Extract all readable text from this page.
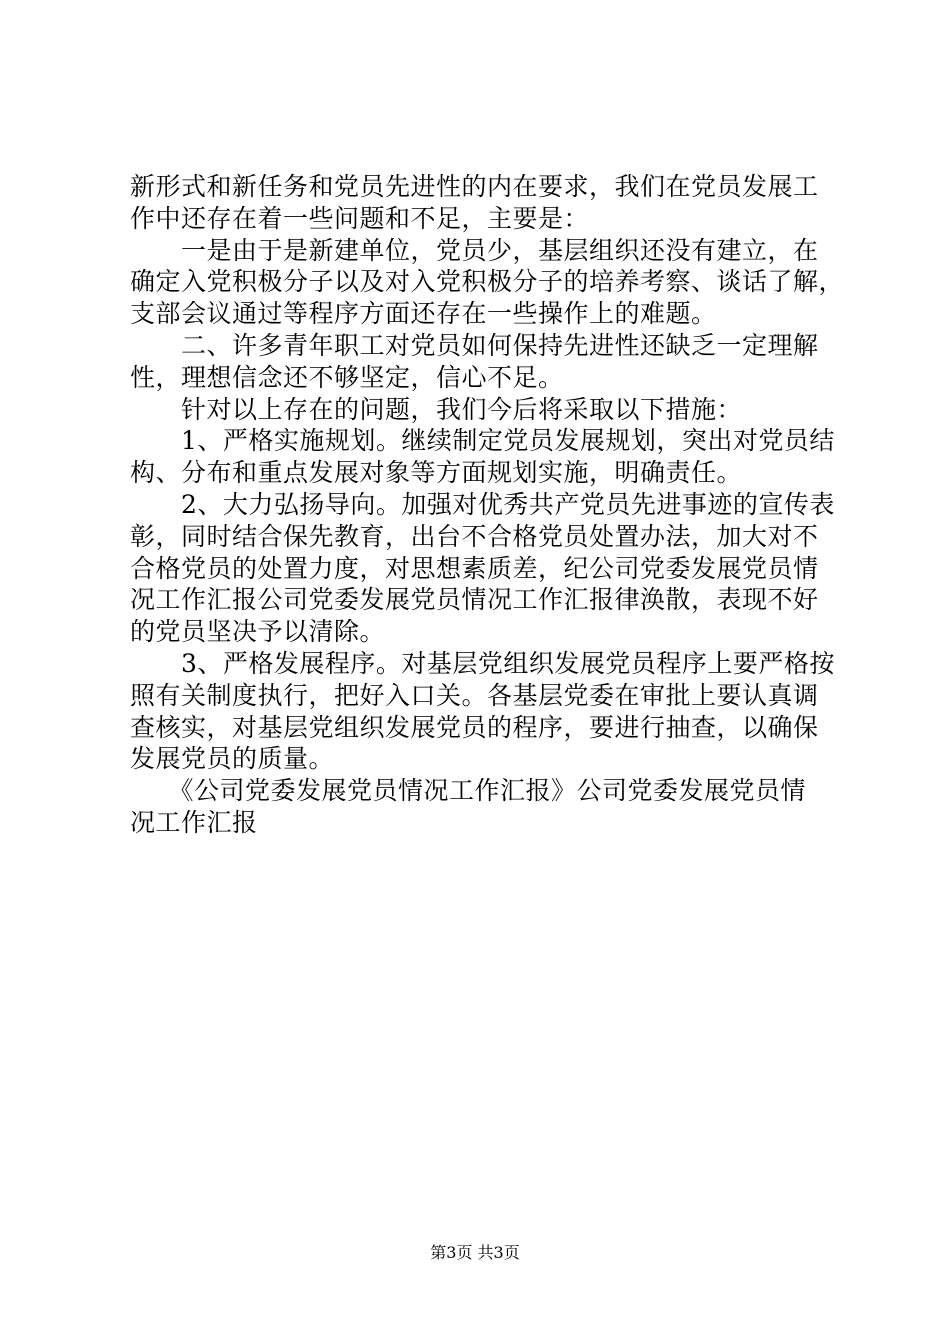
新形式和新任务和党员先进性的内在要求，我们在党员发展工
作中还存在着一些问题和不足，主要是：
　　一是由于是新建单位，党员少，基层组织还没有建立，在
确定入党积极分子以及对入党积极分子的培养考察、谈话了解，
支部会议通过等程序方面还存在一些操作上的难题。
　　二、许多青年职工对党员如何保持先进性还缺乏一定理解
性，理想信念还不够坚定，信心不足。
　　针对以上存在的问题，我们今后将采取以下措施：
　　1、严格实施规划。继续制定党员发展规划，突出对党员结
构、分布和重点发展对象等方面规划实施，明确责任。
　　2、大力弘扬导向。加强对优秀共产党员先进事迹的宣传表
彰，同时结合保先教育，出台不合格党员处置办法，加大对不
合格党员的处置力度，对思想素质差，纪公司党委发展党员情
况工作汇报公司党委发展党员情况工作汇报律涣散，表现不好
的党员坚决予以清除。
　　3、严格发展程序。对基层党组织发展党员程序上要严格按
照有关制度执行，把好入口关。各基层党委在审批上要认真调
查核实，对基层党组织发展党员的程序，要进行抽查，以确保
发展党员的质量。
　　《公司党委发展党员情况工作汇报》公司党委发展党员情
况工作汇报
第3页 共3页
